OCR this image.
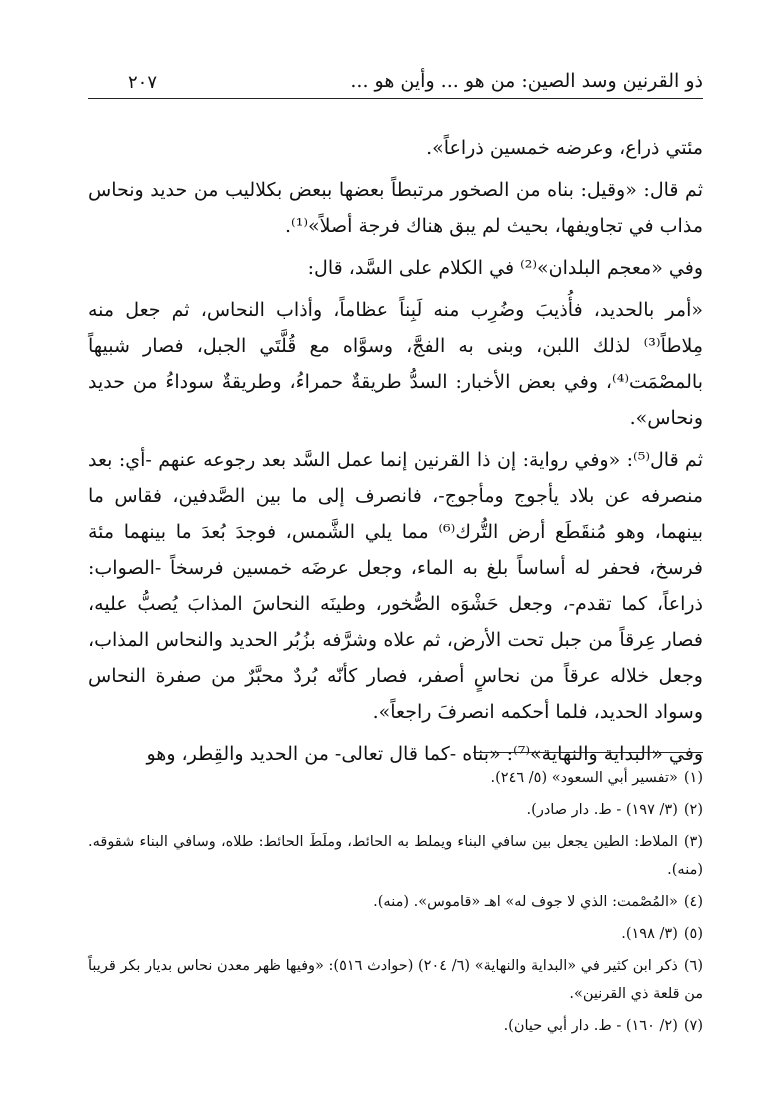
ذو القرنين وسد الصين: من هو ... وأين هو ...
٢٠٧

مئتي ذراع، وعرضه خمسين ذراعاً».

ثم قال: «وقيل: بناه من الصخور مرتبطاً بعضها ببعض بكلاليب من حديد ونحاس مذاب في تجاويفها، بحيث لم يبق هناك فرجة أصلاً»⁽¹⁾.

وفي «معجم البلدان»⁽²⁾ في الكلام على السَّد، قال:

«أمر بالحديد، فأُذيبَ وضُرِب منه لَبِناً عظاماً، وأذاب النحاس، ثم جعل منه مِلاطاً⁽³⁾ لذلك اللبن، وبنى به الفجَّ، وسوَّاه مع قُلَّتَي الجبل، فصار شبيهاً بالمصْمَت⁽⁴⁾، وفي بعض الأخبار: السدُّ طريقةٌ حمراءُ، وطريقةٌ سوداءُ من حديد ونحاس».

ثم قال⁽⁵⁾: «وفي رواية: إن ذا القرنين إنما عمل السَّد بعد رجوعه عنهم -أي: بعد منصرفه عن بلاد يأجوج ومأجوج-، فانصرف إلى ما بين الصَّدفين، فقاس ما بينهما، وهو مُنقَطَع أرض التُّرك⁽⁶⁾ مما يلي الشَّمس، فوجدَ بُعدَ ما بينهما مئة فرسخ، فحفر له أساساً بلغ به الماء، وجعل عرضَه خمسين فرسخاً -الصواب: ذراعاً، كما تقدم-، وجعل حَشْوَه الصُّخور، وطينَه النحاسَ المذابَ يُصبُّ عليه، فصار عِرقاً من جبل تحت الأرض، ثم علاه وشرَّفه بزُبُر الحديد والنحاس المذاب، وجعل خلاله عرقاً من نحاسٍ أصفر، فصار كأنّه بُردٌ محبَّرٌ من صفرة النحاس وسواد الحديد، فلما أحكمه انصرفَ راجعاً».

وفي «البداية والنهاية»⁽⁷⁾: «بناه -كما قال تعالى- من الحديد والقِطر، وهو

(١)«تفسير أبي السعود» (٥/ ٢٤٦).
(٢)(٣/ ١٩٧) - ط. دار صادر).
(٣)الملاط: الطين يجعل بين سافي البناء ويملط به الحائط، وملَطَ الحائط: طلاه، وسافي البناء شقوقه. (منه).
(٤)«المُصْمت: الذي لا جوف له» اهـ «قاموس». (منه).
(٥)(٣/ ١٩٨).
(٦)ذكر ابن كثير في «البداية والنهاية» (٦/ ٢٠٤) (حوادث ٥١٦): «وفيها ظهر معدن نحاس بديار بكر قريباً من قلعة ذي القرنين».
(٧)(٢/ ١٦٠) - ط. دار أبي حيان).
